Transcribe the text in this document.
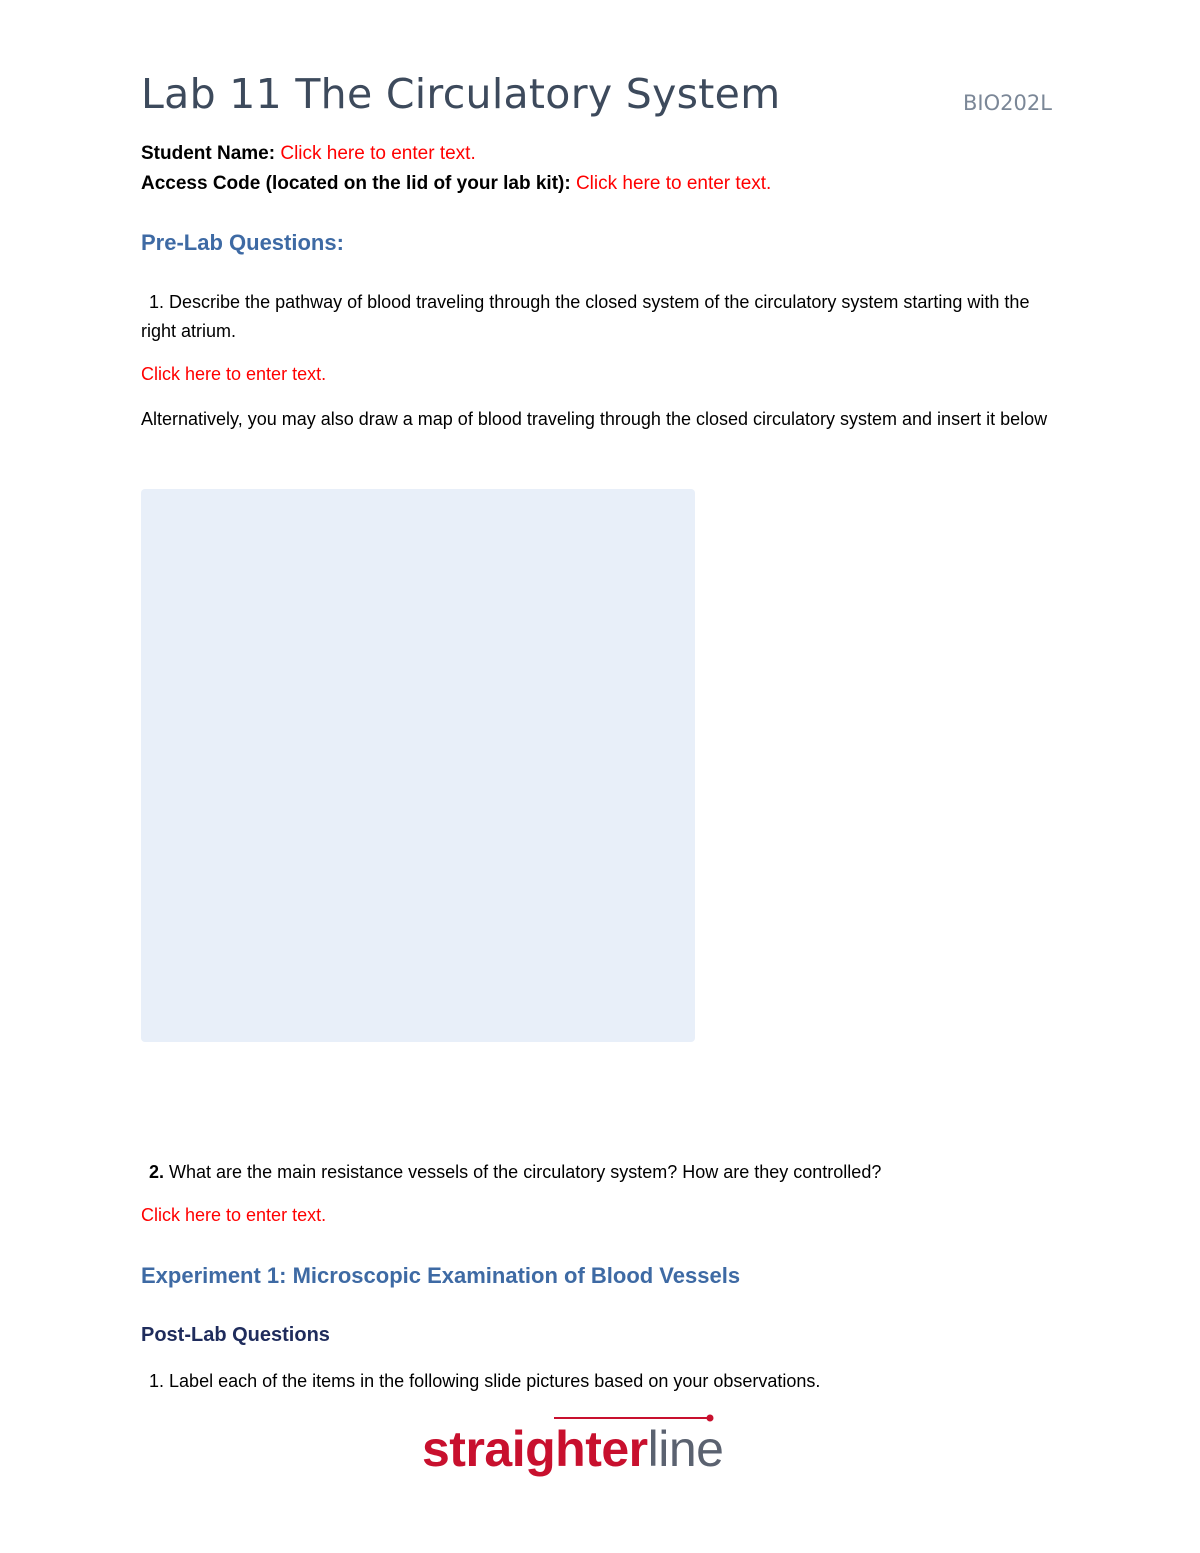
Lab 11 The Circulatory System	BIO202L
Student Name: Click here to enter text.
Access Code (located on the lid of your lab kit): Click here to enter text.
Pre-Lab Questions:
1. Describe the pathway of blood traveling through the closed system of the circulatory system starting with the right atrium.
Click here to enter text.
Alternatively, you may also draw a map of blood traveling through the closed circulatory system and insert it below
2. What are the main resistance vessels of the circulatory system? How are they controlled?
Click here to enter text.
Experiment 1: Microscopic Examination of Blood Vessels
Post-Lab Questions
1. Label each of the items in the following slide pictures based on your observations.
straighterline
